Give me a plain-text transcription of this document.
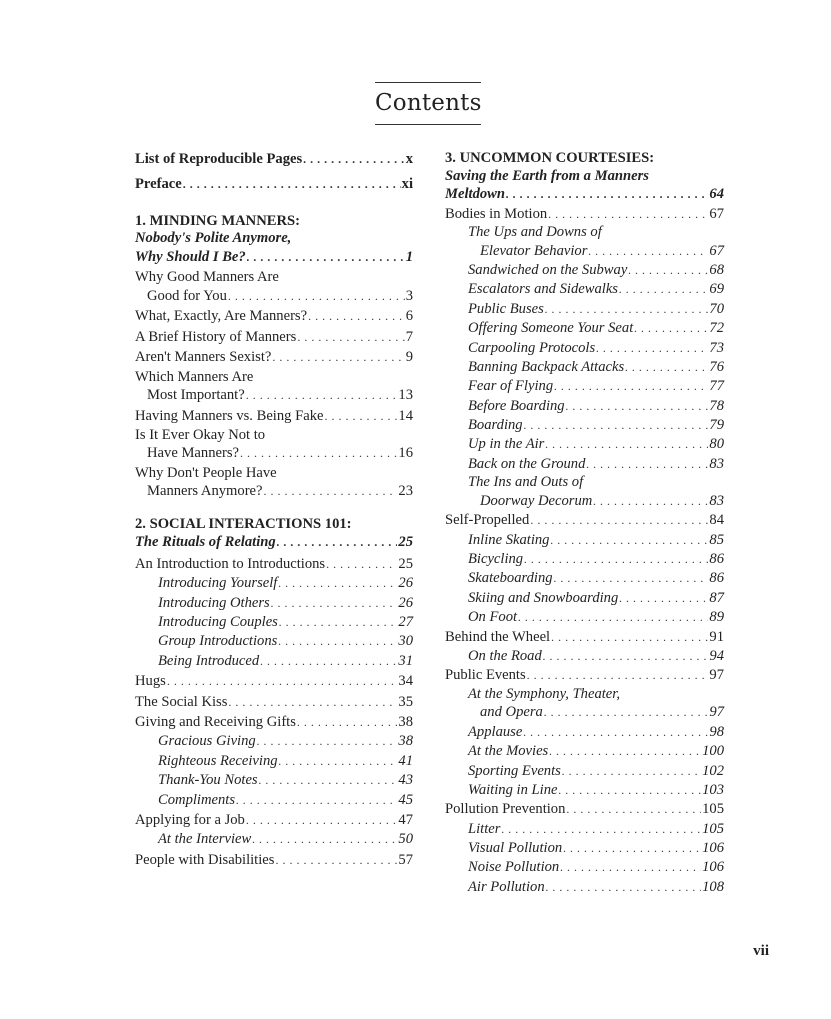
Contents
List of Reproducible Pages . . .	x
Preface . . .	xi
1. MINDING MANNERS:
Nobody's Polite Anymore,
Why Should I Be? . . .	1
Why Good Manners Are
Good for You . . .	3
What, Exactly, Are Manners? . . .	6
A Brief History of Manners . . .	7
Aren't Manners Sexist? . . .	9
Which Manners Are
Most Important? . . .	13
Having Manners vs. Being Fake . . .	14
Is It Ever Okay Not to
Have Manners? . . .	16
Why Don't People Have
Manners Anymore? . . .	23
2. SOCIAL INTERACTIONS 101:
The Rituals of Relating . . .	25
An Introduction to Introductions . . .	25
Introducing Yourself . . .	26
Introducing Others . . .	26
Introducing Couples . . .	27
Group Introductions . . .	30
Being Introduced . . .	31
Hugs . . .	34
The Social Kiss . . .	35
Giving and Receiving Gifts . . .	38
Gracious Giving . . .	38
Righteous Receiving . . .	41
Thank-You Notes . . .	43
Compliments . . .	45
Applying for a Job . . .	47
At the Interview . . .	50
People with Disabilities . . .	57
3. UNCOMMON COURTESIES:
Saving the Earth from a Manners
Meltdown . . .	64
Bodies in Motion . . .	67
The Ups and Downs of
Elevator Behavior . . .	67
Sandwiched on the Subway . . .	68
Escalators and Sidewalks . . .	69
Public Buses . . .	70
Offering Someone Your Seat . . .	72
Carpooling Protocols . . .	73
Banning Backpack Attacks . . .	76
Fear of Flying . . .	77
Before Boarding . . .	78
Boarding . . .	79
Up in the Air . . .	80
Back on the Ground . . .	83
The Ins and Outs of
Doorway Decorum . . .	83
Self-Propelled . . .	84
Inline Skating . . .	85
Bicycling . . .	86
Skateboarding . . .	86
Skiing and Snowboarding . . .	87
On Foot . . .	89
Behind the Wheel . . .	91
On the Road . . .	94
Public Events . . .	97
At the Symphony, Theater,
and Opera . . .	97
Applause . . .	98
At the Movies . . .	100
Sporting Events . . .	102
Waiting in Line . . .	103
Pollution Prevention . . .	105
Litter . . .	105
Visual Pollution . . .	106
Noise Pollution . . .	106
Air Pollution . . .	108
vii
